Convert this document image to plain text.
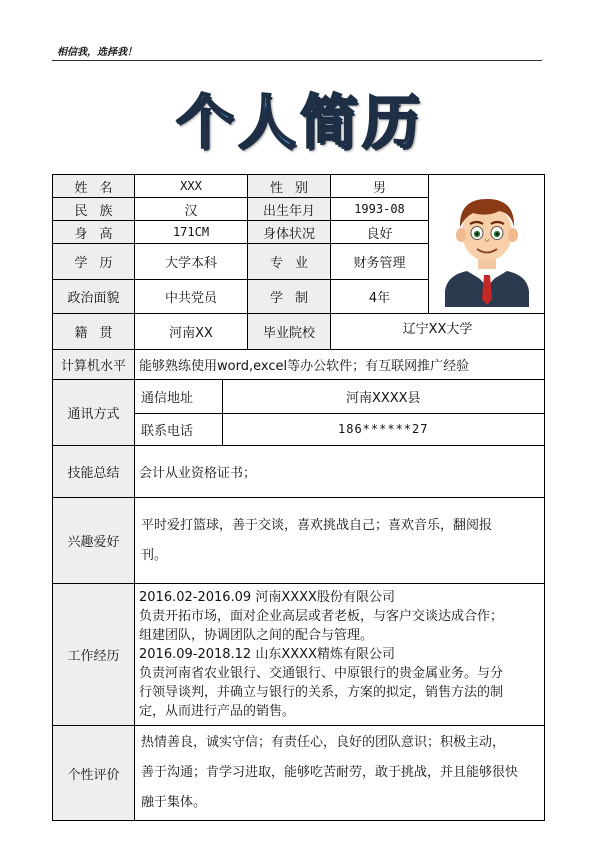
相信我，选择我！
个人简历
姓名	XXX	性别	男	

民族	汉	出生年月	1993-08
身高	171CM	身体状况	良好
学历	大学本科	专业	财务管理
政治面貌	中共党员	学制	4年
籍贯	河南XX	毕业院校	辽宁XX大学
计算机水平	能够熟练使用word,excel等办公软件；有互联网推广经验
通讯方式	
通信地址	河南XXXX县
联系电话	186******27

技能总结	会计从业资格证书；
兴趣爱好	
平时爱打篮球，善于交谈，喜欢挑战自己；喜欢音乐，翻阅报
刊。

工作经历	
2016.02-2016.09 河南XXXX股份有限公司
负责开拓市场，面对企业高层或者老板，与客户交谈达成合作；
组建团队，协调团队之间的配合与管理。
2016.09-2018.12 山东XXXX精炼有限公司
负责河南省农业银行、交通银行、中原银行的贵金属业务。与分
行领导谈判，并确立与银行的关系，方案的拟定，销售方法的制
定，从而进行产品的销售。

个性评价	
热情善良，诚实守信；有责任心，良好的团队意识；积极主动，
善于沟通；肯学习进取，能够吃苦耐劳，敢于挑战，并且能够很快
融于集体。
